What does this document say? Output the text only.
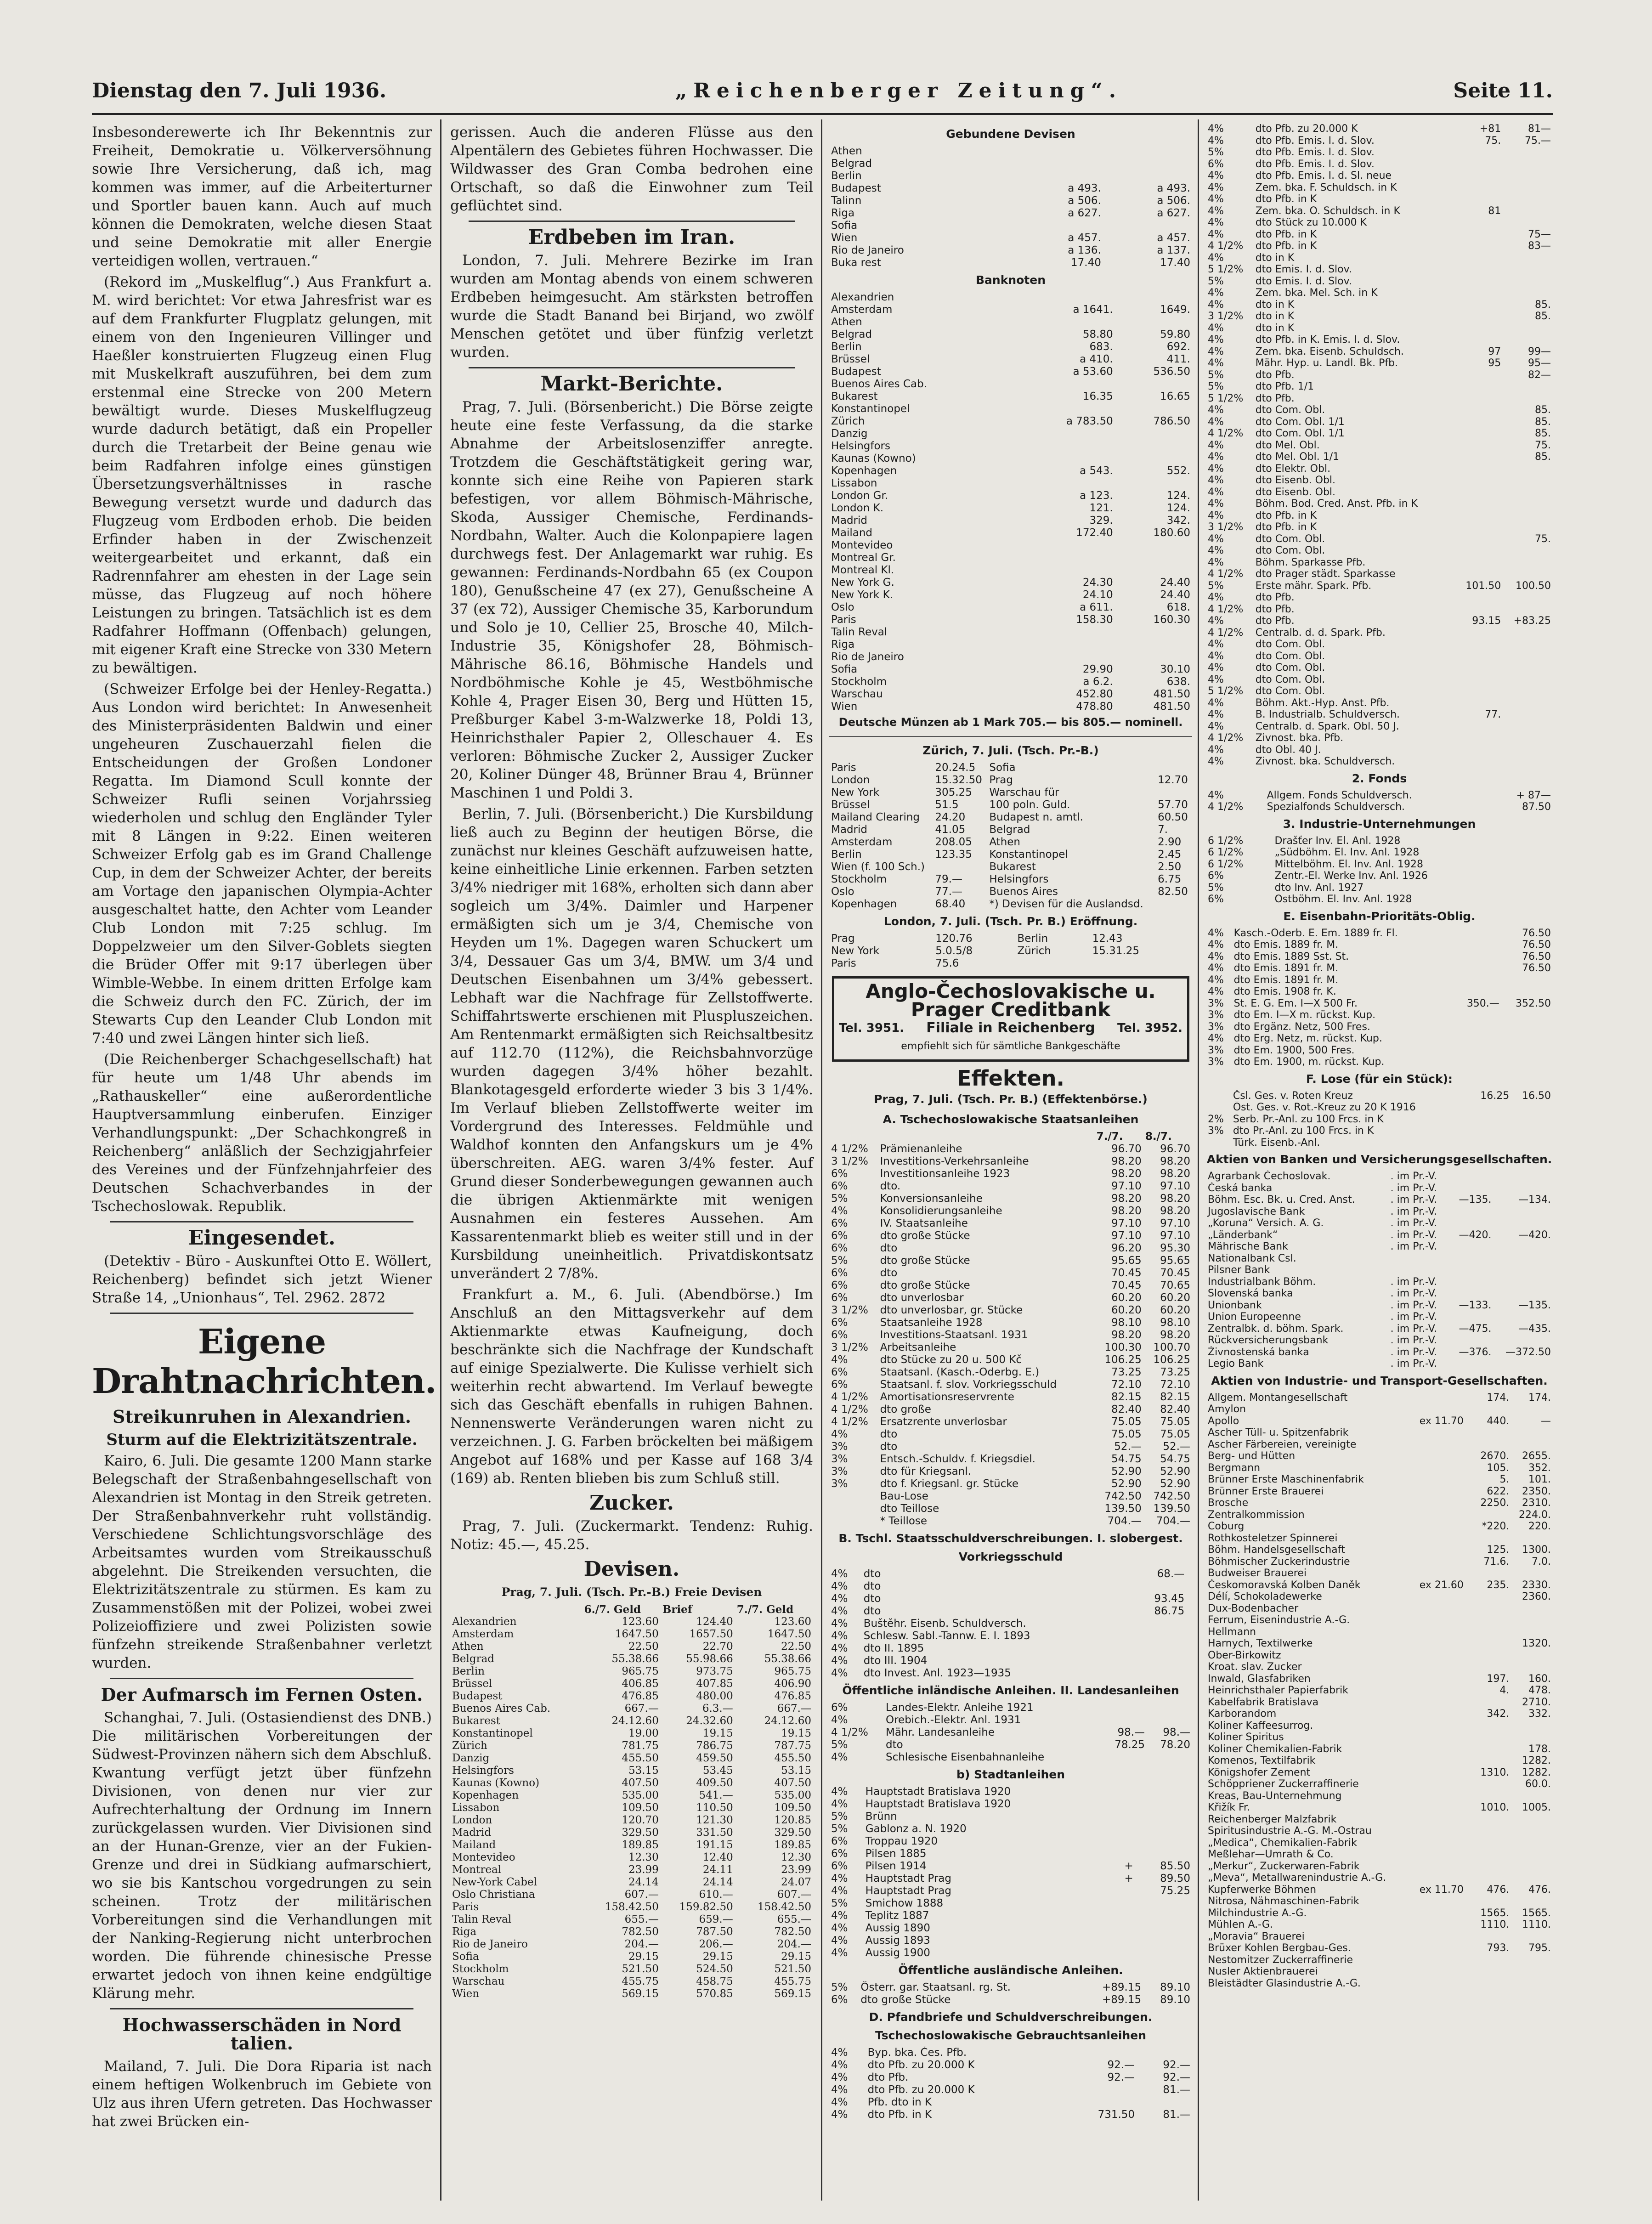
Dienstag den 7. Juli 1936.	„Reichenberger Zeitung“.	Seite 11.

Insbesonderewerte ich Ihr Bekenntnis zur Freiheit, Demokratie u. Völkerversöhnung sowie Ihre Versicherung, daß ich, mag kommen was immer, auf die Arbeiterturner und Sportler bauen kann. Auch auf much können die Demokraten, welche diesen Staat und seine Demokratie mit aller Energie verteidigen wollen, vertrauen.“

(Rekord im „Muskelflug“.) Aus Frankfurt a. M. wird berichtet: Vor etwa Jahresfrist war es auf dem Frankfurter Flugplatz gelungen, mit einem von den Ingenieuren Villinger und Haeßler konstruierten Flugzeug einen Flug mit Muskelkraft auszuführen, bei dem zum erstenmal eine Strecke von 200 Metern bewältigt wurde. Dieses Muskelflugzeug wurde dadurch betätigt, daß ein Propeller durch die Tretarbeit der Beine genau wie beim Radfahren infolge eines günstigen Übersetzungsverhältnisses in rasche Bewegung versetzt wurde und dadurch das Flugzeug vom Erdboden erhob. Die beiden Erfinder haben in der Zwischenzeit weitergearbeitet und erkannt, daß ein Radrennfahrer am ehesten in der Lage sein müsse, das Flugzeug auf noch höhere Leistungen zu bringen. Tatsächlich ist es dem Radfahrer Hoffmann (Offenbach) gelungen, mit eigener Kraft eine Strecke von 330 Metern zu bewältigen.

(Schweizer Erfolge bei der Henley-Regatta.) Aus London wird berichtet: In Anwesenheit des Ministerpräsidenten Baldwin und einer ungeheuren Zuschauerzahl fielen die Entscheidungen der Großen Londoner Regatta. Im Diamond Scull konnte der Schweizer Rufli seinen Vorjahrssieg wiederholen und schlug den Engländer Tyler mit 8 Längen in 9:22. Einen weiteren Schweizer Erfolg gab es im Grand Challenge Cup, in dem der Schweizer Achter, der bereits am Vortage den japanischen Olympia-Achter ausgeschaltet hatte, den Achter vom Leander Club London mit 7:25 schlug. Im Doppelzweier um den Silver-Goblets siegten die Brüder Offer mit 9:17 überlegen über Wimble-Webbe. In einem dritten Erfolge kam die Schweiz durch den FC. Zürich, der im Stewarts Cup den Leander Club London mit 7:40 und zwei Längen hinter sich ließ.

(Die Reichenberger Schachgesellschaft) hat für heute um 1/48 Uhr abends im „Rathauskeller“ eine außerordentliche Hauptversammlung einberufen. Einziger Verhandlungspunkt: „Der Schachkongreß in Reichenberg“ anläßlich der Sechzigjahrfeier des Vereines und der Fünfzehnjahrfeier des Deutschen Schachverbandes in der Tschechoslowak. Republik.

Eingesendet.

(Detektiv - Büro - Auskunftei Otto E. Wöllert, Reichenberg) befindet sich jetzt Wiener Straße 14, „Unionhaus“, Tel. 2962. 2872

Eigene Drahtnachrichten.
Streikunruhen in Alexandrien.
Sturm auf die Elektrizitätszentrale.

Kairo, 6. Juli. Die gesamte 1200 Mann starke Belegschaft der Straßenbahngesellschaft von Alexandrien ist Montag in den Streik getreten. Der Straßenbahnverkehr ruht vollständig. Verschiedene Schlichtungsvorschläge des Arbeitsamtes wurden vom Streikausschuß abgelehnt. Die Streikenden versuchten, die Elektrizitätszentrale zu stürmen. Es kam zu Zusammenstößen mit der Polizei, wobei zwei Polizeioffiziere und zwei Polizisten sowie fünfzehn streikende Straßenbahner verletzt wurden.

Der Aufmarsch im Fernen Osten.

Schanghai, 7. Juli. (Ostasiendienst des DNB.) Die militärischen Vorbereitungen der Südwest-Provinzen nähern sich dem Abschluß. Kwantung verfügt jetzt über fünfzehn Divisionen, von denen nur vier zur Aufrechterhaltung der Ordnung im Innern zurückgelassen wurden. Vier Divisionen sind an der Hunan-Grenze, vier an der Fukien-Grenze und drei in Südkiang aufmarschiert, wo sie bis Kantschou vorgedrungen zu sein scheinen. Trotz der militärischen Vorbereitungen sind die Verhandlungen mit der Nanking-Regierung nicht unterbrochen worden. Die führende chinesische Presse erwartet jedoch von ihnen keine endgültige Klärung mehr.

Hochwasserschäden in Nord talien.

Mailand, 7. Juli. Die Dora Riparia ist nach einem heftigen Wolkenbruch im Gebiete von Ulz aus ihren Ufern getreten. Das Hochwasser hat zwei Brücken ein-

gerissen. Auch die anderen Flüsse aus den Alpentälern des Gebietes führen Hochwasser. Die Wildwasser des Gran Comba bedrohen eine Ortschaft, so daß die Einwohner zum Teil geflüchtet sind.

Erdbeben im Iran.

London, 7. Juli. Mehrere Bezirke im Iran wurden am Montag abends von einem schweren Erdbeben heimgesucht. Am stärksten betroffen wurde die Stadt Banand bei Birjand, wo zwölf Menschen getötet und über fünfzig verletzt wurden.

Markt-Berichte.

Prag, 7. Juli. (Börsenbericht.) Die Börse zeigte heute eine feste Verfassung, da die starke Abnahme der Arbeitslosenziffer anregte. Trotzdem die Geschäftstätigkeit gering war, konnte sich eine Reihe von Papieren stark befestigen, vor allem Böhmisch-Mährische, Skoda, Aussiger Chemische, Ferdinands-Nordbahn, Walter. Auch die Kolonpapiere lagen durchwegs fest. Der Anlagemarkt war ruhig. Es gewannen: Ferdinands-Nordbahn 65 (ex Coupon 180), Genußscheine 47 (ex 27), Genußscheine A 37 (ex 72), Aussiger Chemische 35, Karborundum und Solo je 10, Cellier 25, Brosche 40, Milch-Industrie 35, Königshofer 28, Böhmisch-Mährische 86.16, Böhmische Handels und Nordböhmische Kohle je 45, Westböhmische Kohle 4, Prager Eisen 30, Berg und Hütten 15, Preßburger Kabel 3-m-Walzwerke 18, Poldi 13, Heinrichsthaler Papier 2, Olleschauer 4. Es verloren: Böhmische Zucker 2, Aussiger Zucker 20, Koliner Dünger 48, Brünner Brau 4, Brünner Maschinen 1 und Poldi 3.

Berlin, 7. Juli. (Börsenbericht.) Die Kursbildung ließ auch zu Beginn der heutigen Börse, die zunächst nur kleines Geschäft aufzuweisen hatte, keine einheitliche Linie erkennen. Farben setzten 3/4% niedriger mit 168%, erholten sich dann aber sogleich um 3/4%. Daimler und Harpener ermäßigten sich um je 3/4, Chemische von Heyden um 1%. Dagegen waren Schuckert um 3/4, Dessauer Gas um 3/4, BMW. um 3/4 und Deutschen Eisenbahnen um 3/4% gebessert. Lebhaft war die Nachfrage für Zellstoffwerte. Schiffahrtswerte erschienen mit Pluspluszeichen. Am Rentenmarkt ermäßigten sich Reichsaltbesitz auf 112.70 (112%), die Reichsbahnvorzüge wurden dagegen 3/4% höher bezahlt. Blankotagesgeld erforderte wieder 3 bis 3 1/4%. Im Verlauf blieben Zellstoffwerte weiter im Vordergrund des Interesses. Feldmühle und Waldhof konnten den Anfangskurs um je 4% überschreiten. AEG. waren 3/4% fester. Auf Grund dieser Sonderbewegungen gewannen auch die übrigen Aktienmärkte mit wenigen Ausnahmen ein festeres Aussehen. Am Kassarentenmarkt blieb es weiter still und in der Kursbildung uneinheitlich. Privatdiskontsatz unverändert 2 7/8%.

Frankfurt a. M., 6. Juli. (Abendbörse.) Im Anschluß an den Mittagsverkehr auf dem Aktienmarkte etwas Kaufneigung, doch beschränkte sich die Nachfrage der Kundschaft auf einige Spezialwerte. Die Kulisse verhielt sich weiterhin recht abwartend. Im Verlauf bewegte sich das Geschäft ebenfalls in ruhigen Bahnen. Nennenswerte Veränderungen waren nicht zu verzeichnen. J. G. Farben bröckelten bei mäßigem Angebot auf 168% und per Kasse auf 168 3/4 (169) ab. Renten blieben bis zum Schluß still.

Zucker.

Prag, 7. Juli. (Zuckermarkt. Tendenz: Ruhig. Notiz: 45.—, 45.25.

Devisen.
Prag, 7. Juli. (Tsch. Pr.-B.) Freie Devisen
	6./7. Geld	Brief	7./7. Geld
Alexandrien	123.60	124.40	123.60
Amsterdam	1647.50	1657.50	1647.50
Athen	22.50	22.70	22.50
Belgrad	55.38.66	55.98.66	55.38.66
Berlin	965.75	973.75	965.75
Brüssel	406.85	407.85	406.90
Budapest	476.85	480.00	476.85
Buenos Aires Cab.	667.—	6.3.—	667.—
Bukarest	24.12.60	24.32.60	24.12.60
Konstantinopel	19.00	19.15	19.15
Zürich	781.75	786.75	787.75
Danzig	455.50	459.50	455.50
Helsingfors	53.15	53.45	53.15
Kaunas (Kowno)	407.50	409.50	407.50
Kopenhagen	535.00	541.—	535.00
Lissabon	109.50	110.50	109.50
London	120.70	121.30	120.85
Madrid	329.50	331.50	329.50
Mailand	189.85	191.15	189.85
Montevideo	12.30	12.40	12.30
Montreal	23.99	24.11	23.99
New-York Cabel	24.14	24.14	24.07
Oslo Christiana	607.—	610.—	607.—
Paris	158.42.50	159.82.50	158.42.50
Talin Reval	655.—	659.—	655.—
Riga	782.50	787.50	782.50
Rio de Janeiro	204.—	206.—	204.—
Sofia	29.15	29.15	29.15
Stockholm	521.50	524.50	521.50
Warschau	455.75	458.75	455.75
Wien	569.15	570.85	569.15
Gebundene Devisen
Athen		
Belgrad		
Berlin		
Budapest	a 493.	a 493.
Talinn	a 506.	a 506.
Riga	a 627.	a 627.
Sofia		
Wien	a 457.	a 457.
Rio de Janeiro	a 136.	a 137.
Buka rest	17.40	17.40
Banknoten
Alexandrien		
Amsterdam	a 1641.	1649.
Athen		
Belgrad	58.80	59.80
Berlin	683.	692.
Brüssel	a 410.	411.
Budapest	a 53.60	536.50
Buenos Aires Cab.		
Bukarest	16.35	16.65
Konstantinopel		
Zürich	a 783.50	786.50
Danzig		
Helsingfors		
Kaunas (Kowno)		
Kopenhagen	a 543.	552.
Lissabon		
London Gr.	a 123.	124.
London K.	121.	124.
Madrid	329.	342.
Mailand	172.40	180.60
Montevideo		
Montreal Gr.		
Montreal Kl.		
New York G.	24.30	24.40
New York K.	24.10	24.40
Oslo	a 611.	618.
Paris	158.30	160.30
Talin Reval		
Riga		
Rio de Janeiro		
Sofia	29.90	30.10
Stockholm	a 6.2.	638.
Warschau	452.80	481.50
Wien	478.80	481.50
Deutsche Münzen ab 1 Mark 705.— bis 805.— nominell.
Zürich, 7. Juli. (Tsch. Pr.-B.)
Paris	20.24.5	Sofia	
London	15.32.50	Prag	12.70
New York	305.25	Warschau für	
Brüssel	51.5	100 poln. Guld.	57.70
Mailand Clearing	24.20	Budapest n. amtl.	60.50
Madrid	41.05	Belgrad	7.
Amsterdam	208.05	Athen	2.90
Berlin	123.35	Konstantinopel	2.45
Wien (f. 100 Sch.)		Bukarest	2.50
Stockholm	79.—	Helsingfors	6.75
Oslo	77.—	Buenos Aires	82.50
Kopenhagen	68.40	*) Devisen für die Auslandsd.	
London, 7. Juli. (Tsch. Pr. B.) Eröffnung.
Prag	120.76	Berlin	12.43
New York	5.0.5/8	Zürich	15.31.25
Paris	75.6		
Anglo-Čechoslovakische u. Prager Creditbank
Tel. 3951. Filiale in Reichenberg Tel. 3952.
empfiehlt sich für sämtliche Bankgeschäfte
Effekten.
Prag, 7. Juli. (Tsch. Pr. B.) (Effektenbörse.)
A. Tschechoslowakische Staatsanleihen
		7./7.	8./7.
4 1/2%	Prämienanleihe	96.70	96.70
3 1/2%	Investitions-Verkehrsanleihe	98.20	98.20
6%	Investitionsanleihe 1923	98.20	98.20
6%	dto.	97.10	97.10
5%	Konversionsanleihe	98.20	98.20
4%	Konsolidierungsanleihe	98.20	98.20
6%	IV. Staatsanleihe	97.10	97.10
6%	dto große Stücke	97.10	97.10
6%	dto	96.20	95.30
5%	dto große Stücke	95.65	95.65
6%	dto	70.45	70.45
6%	dto große Stücke	70.45	70.65
6%	dto unverlosbar	60.20	60.20
3 1/2%	dto unverlosbar, gr. Stücke	60.20	60.20
6%	Staatsanleihe 1928	98.10	98.10
6%	Investitions-Staatsanl. 1931	98.20	98.20
3 1/2%	Arbeitsanleihe	100.30	100.70
4%	dto Stücke zu 20 u. 500 Kč	106.25	106.25
6%	Staatsanl. (Kasch.-Oderbg. E.)	73.25	73.25
6%	Staatsanl. f. slov. Vorkriegsschuld	72.10	72.10
4 1/2%	Amortisationsreservrente	82.15	82.15
4 1/2%	dto große	82.40	82.40
4 1/2%	Ersatzrente unverlosbar	75.05	75.05
4%	dto	75.05	75.05
3%	dto	52.—	52.—
3%	Entsch.-Schuldv. f. Kriegsdiel.	54.75	54.75
3%	dto für Kriegsanl.	52.90	52.90
3%	dto f. Kriegsanl. gr. Stücke	52.90	52.90
	Bau-Lose	742.50	742.50
	dto Teillose	139.50	139.50
	* Teillose	704.—	704.—
B. Tschl. Staatsschuldverschreibungen. I. slobergest. Vorkriegsschuld
4%	dto	68.—	
4%	dto		
4%	dto	93.45	
4%	dto	86.75	
4%	Buštěhr. Eisenb. Schuldversch.		
4%	Schlesw. Sabl.-Tannw. E. I. 1893		
4%	dto II. 1895		
4%	dto III. 1904		
4%	dto Invest. Anl. 1923—1935		
Öffentliche inländische Anleihen. II. Landesanleihen
6%	Landes-Elektr. Anleihe 1921		
4%	Orebich.-Elektr. Anl. 1931		
4 1/2%	Mähr. Landesanleihe	98.—	98.—
5%	dto	78.25	78.20
4%	Schlesische Eisenbahnanleihe		
b) Stadtanleihen
4%	Hauptstadt Bratislava 1920		
4%	Hauptstadt Bratislava 1920		
5%	Brünn		
5%	Gablonz a. N. 1920		
6%	Troppau 1920		
6%	Pilsen 1885		
6%	Pilsen 1914	+	85.50
4%	Hauptstadt Prag	+	89.50
4%	Hauptstadt Prag		75.25
5%	Smichow 1888		
4%	Teplitz 1887		
4%	Aussig 1890		
4%	Aussig 1893		
4%	Aussig 1900		
Öffentliche ausländische Anleihen.
5%	Österr. gar. Staatsanl. rg. St.	+89.15	89.10
6%	dto große Stücke	+89.15	89.10
D. Pfandbriefe und Schuldverschreibungen. Tschechoslowakische Gebrauchtsanleihen
4%	Byp. bka. Čes. Pfb.		
4%	dto Pfb. zu 20.000 K	92.—	92.—
4%	dto Pfb.	92.—	92.—
4%	dto Pfb. zu 20.000 K		81.—
4%	Pfb. dto in K		
4%	dto Pfb. in K	731.50	81.—
4%	dto Pfb. zu 20.000 K	+81	81—
4%	dto Pfb. Emis. I. d. Slov.	75.	75.—
5%	dto Pfb. Emis. I. d. Slov.		
6%	dto Pfb. Emis. I. d. Slov.		
4%	dto Pfb. Emis. I. d. Sl. neue		
4%	Zem. bka. F. Schuldsch. in K		
4%	dto Pfb. in K		
4%	Zem. bka. O. Schuldsch. in K	81	
4%	dto Stück zu 10.000 K		
4%	dto Pfb. in K		75—
4 1/2%	dto Pfb. in K		83—
4%	dto in K		
5 1/2%	dto Emis. I. d. Slov.		
5%	dto Emis. I. d. Slov.		
4%	Zem. bka. Mel. Sch. in K		
4%	dto in K		85.
3 1/2%	dto in K		85.
4%	dto in K		
4%	dto Pfb. in K. Emis. I. d. Slov.		
4%	Zem. bka. Eisenb. Schuldsch.	97	99—
4%	Mähr. Hyp. u. Landl. Bk. Pfb.	95	95—
5%	dto Pfb.		82—
5%	dto Pfb. 1/1		
5 1/2%	dto Pfb.		
4%	dto Com. Obl.		85.
4%	dto Com. Obl. 1/1		85.
4 1/2%	dto Com. Obl. 1/1		85.
4%	dto Mel. Obl.		75.
4%	dto Mel. Obl. 1/1		85.
4%	dto Elektr. Obl.		
4%	dto Eisenb. Obl.		
4%	dto Eisenb. Obl.		
4%	Böhm. Bod. Cred. Anst. Pfb. in K		
4%	dto Pfb. in K		
3 1/2%	dto Pfb. in K		
4%	dto Com. Obl.		75.
4%	dto Com. Obl.		
4%	Böhm. Sparkasse Pfb.		
4 1/2%	dto Prager städt. Sparkasse		
5%	Erste mähr. Spark. Pfb.	101.50	100.50
4%	dto Pfb.		
4 1/2%	dto Pfb.		
4%	dto Pfb.	93.15	+83.25
4 1/2%	Centralb. d. d. Spark. Pfb.		
4%	dto Com. Obl.		
4%	dto Com. Obl.		
4%	dto Com. Obl.		
4%	dto Com. Obl.		
5 1/2%	dto Com. Obl.		
4%	Böhm. Akt.-Hyp. Anst. Pfb.		
4%	B. Industrialb. Schuldversch.	77.	
4%	Centralb. d. Spark. Obl. 50 J.		
4 1/2%	Zivnost. bka. Pfb.		
4%	dto Obl. 40 J.		
4%	Zivnost. bka. Schuldversch.		
2. Fonds
4%	Allgem. Fonds Schuldversch.		+ 87—
4 1/2%	Spezialfonds Schuldversch.		87.50
3. Industrie-Unternehmungen
6 1/2%	Drašťer Inv. El. Anl. 1928		
6 1/2%	„Südböhm. El. Inv. Anl. 1928		
6 1/2%	Mittelböhm. El. Inv. Anl. 1928		
6%	Zentr.-El. Werke Inv. Anl. 1926		
5%	dto Inv. Anl. 1927		
6%	Ostböhm. El. Inv. Anl. 1928		
E. Eisenbahn-Prioritäts-Oblig.
4%	Kasch.-Oderb. E. Em. 1889 fr. Fl.		76.50
4%	dto Emis. 1889 fr. M.		76.50
4%	dto Emis. 1889 Sst. St.		76.50
4%	dto Emis. 1891 fr. M.		76.50
4%	dto Emis. 1891 fr. M.		
4%	dto Emis. 1908 fr. K.		
3%	St. E. G. Em. I—X 500 Fr.	350.—	352.50
3%	dto Em. I—X m. rückst. Kup.		
3%	dto Ergänz. Netz, 500 Fres.		
4%	dto Erg. Netz, m. rückst. Kup.		
3%	dto Em. 1900, 500 Fres.		
3%	dto Em. 1900, m. rückst. Kup.		
F. Lose (für ein Stück):
	Čsl. Ges. v. Roten Kreuz	16.25	16.50
	Öst. Ges. v. Rot.-Kreuz zu 20 K 1916		
2%	Serb. Pr.-Anl. zu 100 Frcs. in K		
3%	dto Pr.-Anl. zu 100 Frcs. in K		
	Türk. Eisenb.-Anl.		
Aktien von Banken und Versicherungsgesellschaften.
Agrarbank Čechoslovak.	. im Pr.-V.		
Česká banka	. im Pr.-V.		
Böhm. Esc. Bk. u. Cred. Anst.	. im Pr.-V.	—135.	—134.
Jugoslavische Bank	. im Pr.-V.		
„Koruna“ Versich. A. G.	. im Pr.-V.		
„Länderbank“	. im Pr.-V.	—420.	—420.
Mährische Bank	. im Pr.-V.		
Nationalbank Čsl.			
Pilsner Bank			
Industrialbank Böhm.	. im Pr.-V.		
Slovenská banka	. im Pr.-V.		
Unionbank	. im Pr.-V.	—133.	—135.
Union Europeenne	. im Pr.-V.		
Zentralbk. d. böhm. Spark.	. im Pr.-V.	—475.	—435.
Rückversicherungsbank	. im Pr.-V.		
Živnostenská banka	. im Pr.-V.	—376.	—372.50
Legio Bank	. im Pr.-V.		
Aktien von Industrie- und Transport-Gesellschaften.
Allgem. Montangesellschaft		174.	174.
Amylon			
Apollo	ex 11.70	440.	—
Ascher Tüll- u. Spitzenfabrik			
Ascher Färbereien, vereinigte			
Berg- und Hütten		2670.	2655.
Bergmann		105.	352.
Brünner Erste Maschinenfabrik		5.	101.
Brünner Erste Brauerei		622.	2350.
Brosche		2250.	2310.
Zentralkommission			224.0.
Coburg		*220.	220.
Rothkosteletzer Spinnerei			
Böhm. Handelsgesellschaft		125.	1300.
Böhmischer Zuckerindustrie		71.6.	7.0.
Budweiser Brauerei			
Českomoravská Kolben Daněk	ex 21.60	235.	2330.
Délí, Schokoladewerke			2360.
Dux-Bodenbacher			
Ferrum, Eisenindustrie A.-G.			
Hellmann			
Harnych, Textilwerke			1320.
Ober-Birkowitz			
Kroat. slav. Zucker			
Inwald, Glasfabriken		197.	160.
Heinrichsthaler Papierfabrik		4.	478.
Kabelfabrik Bratislava			2710.
Karborandom		342.	332.
Koliner Kaffeesurrog.			
Koliner Spiritus			
Koliner Chemikalien-Fabrik			178.
Komenos, Textilfabrik			1282.
Königshofer Zement		1310.	1282.
Schöppriener Zuckerraffinerie			60.0.
Kreas, Bau-Unternehmung			
Křižík Fr.		1010.	1005.
Reichenberger Malzfabrik			
Spiritusindustrie A.-G. M.-Ostrau			
„Medica“, Chemikalien-Fabrik			
Meßlehar—Umrath & Co.			
„Merkur“, Zuckerwaren-Fabrik			
„Meva“, Metallwarenindustrie A.-G.			
Kupferwerke Böhmen	ex 11.70	476.	476.
Nitrosa, Nähmaschinen-Fabrik			
Milchindustrie A.-G.		1565.	1565.
Mühlen A.-G.		1110.	1110.
„Moravia“ Brauerei			
Brüxer Kohlen Bergbau-Ges.		793.	795.
Nestomitzer Zuckerraffinerie			
Nusler Aktienbrauerei			
Bleistädter Glasindustrie A.-G.			
